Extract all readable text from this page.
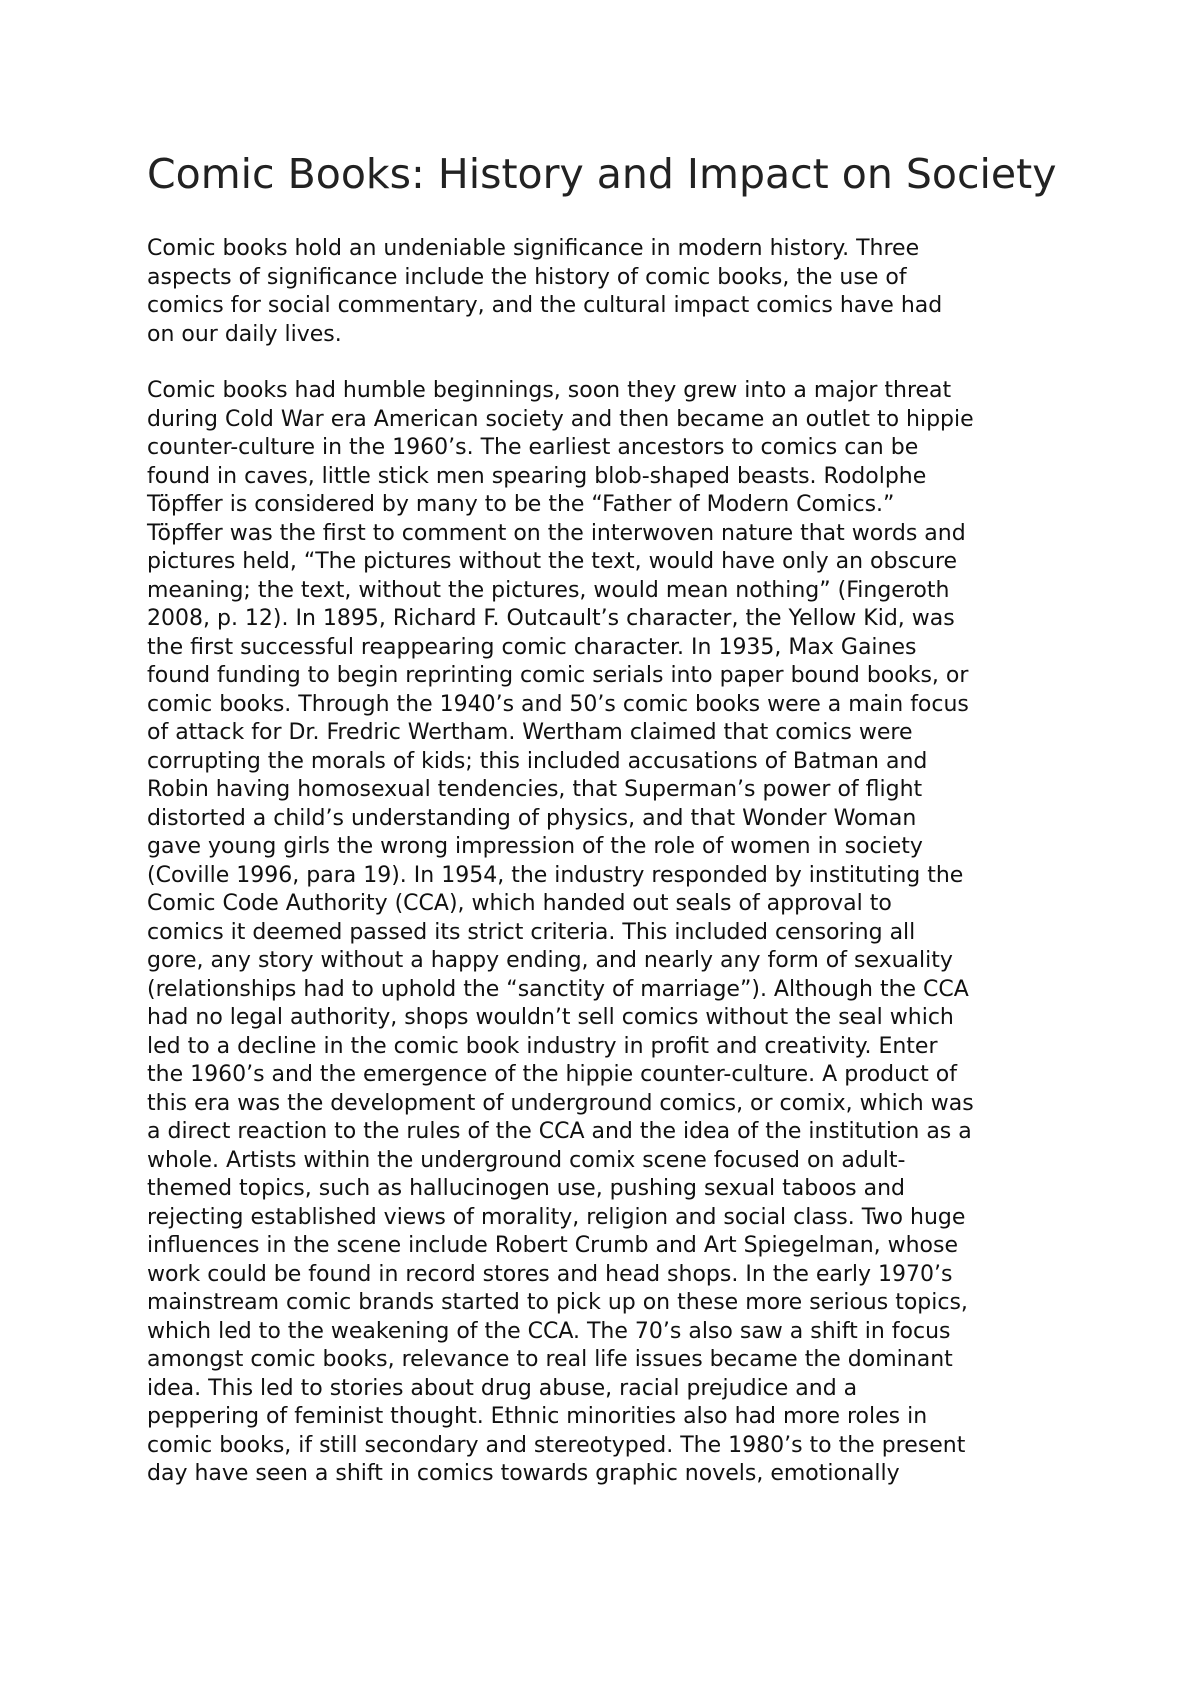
Comic Books: History and Impact on Society

Comic books hold an undeniable significance in modern history. Three
aspects of significance include the history of comic books, the use of
comics for social commentary, and the cultural impact comics have had
on our daily lives.

Comic books had humble beginnings, soon they grew into a major threat
during Cold War era American society and then became an outlet to hippie
counter-culture in the 1960’s. The earliest ancestors to comics can be
found in caves, little stick men spearing blob-shaped beasts. Rodolphe
Töpffer is considered by many to be the “Father of Modern Comics.”
Töpffer was the first to comment on the interwoven nature that words and
pictures held, “The pictures without the text, would have only an obscure
meaning; the text, without the pictures, would mean nothing” (Fingeroth
2008, p. 12). In 1895, Richard F. Outcault’s character, the Yellow Kid, was
the first successful reappearing comic character. In 1935, Max Gaines
found funding to begin reprinting comic serials into paper bound books, or
comic books. Through the 1940’s and 50’s comic books were a main focus
of attack for Dr. Fredric Wertham. Wertham claimed that comics were
corrupting the morals of kids; this included accusations of Batman and
Robin having homosexual tendencies, that Superman’s power of flight
distorted a child’s understanding of physics, and that Wonder Woman
gave young girls the wrong impression of the role of women in society
(Coville 1996, para 19). In 1954, the industry responded by instituting the
Comic Code Authority (CCA), which handed out seals of approval to
comics it deemed passed its strict criteria. This included censoring all
gore, any story without a happy ending, and nearly any form of sexuality
(relationships had to uphold the “sanctity of marriage”). Although the CCA
had no legal authority, shops wouldn’t sell comics without the seal which
led to a decline in the comic book industry in profit and creativity. Enter
the 1960’s and the emergence of the hippie counter-culture. A product of
this era was the development of underground comics, or comix, which was
a direct reaction to the rules of the CCA and the idea of the institution as a
whole. Artists within the underground comix scene focused on adult-
themed topics, such as hallucinogen use, pushing sexual taboos and
rejecting established views of morality, religion and social class. Two huge
influences in the scene include Robert Crumb and Art Spiegelman, whose
work could be found in record stores and head shops. In the early 1970’s
mainstream comic brands started to pick up on these more serious topics,
which led to the weakening of the CCA. The 70’s also saw a shift in focus
amongst comic books, relevance to real life issues became the dominant
idea. This led to stories about drug abuse, racial prejudice and a
peppering of feminist thought. Ethnic minorities also had more roles in
comic books, if still secondary and stereotyped. The 1980’s to the present
day have seen a shift in comics towards graphic novels, emotionally
